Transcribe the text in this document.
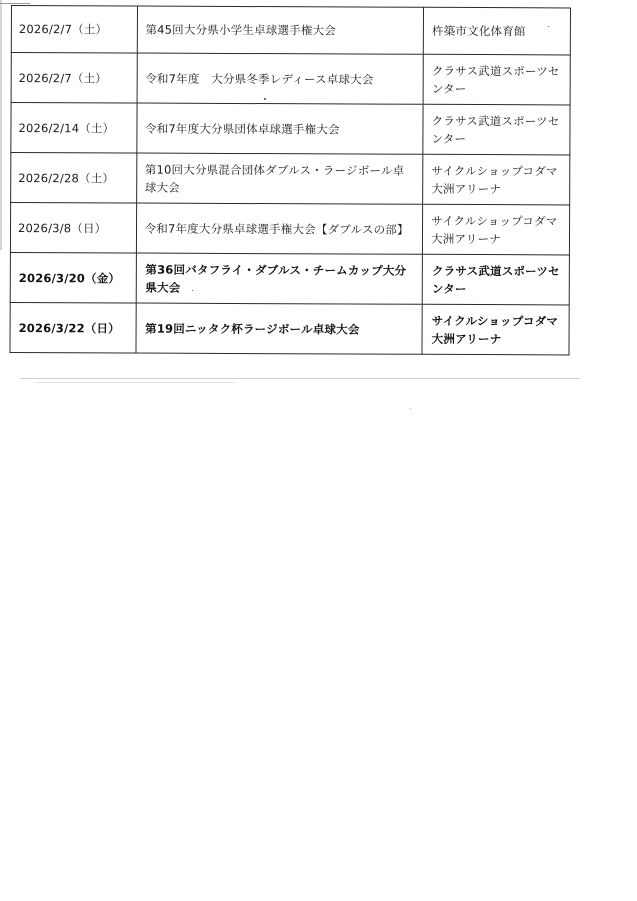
2026/2/7（土）	第45回大分県小学生卓球選手権大会	杵築市文化体育館
2026/2/7（土）	令和7年度　大分県冬季レディース卓球大会	クラサス武道スポーツセンター
2026/2/14（土）	令和7年度大分県団体卓球選手権大会	クラサス武道スポーツセンター
2026/2/28（土）	第10回大分県混合団体ダブルス・ラージボール卓球大会	サイクルショップコダマ大洲アリーナ
2026/3/8（日）	令和7年度大分県卓球選手権大会【ダブルスの部】	サイクルショップコダマ大洲アリーナ
2026/3/20（金）	第36回バタフライ・ダブルス・チームカップ大分県大会	クラサス武道スポーツセンター
2026/3/22（日）	第19回ニッタク杯ラージボール卓球大会	サイクルショップコダマ大洲アリーナ
